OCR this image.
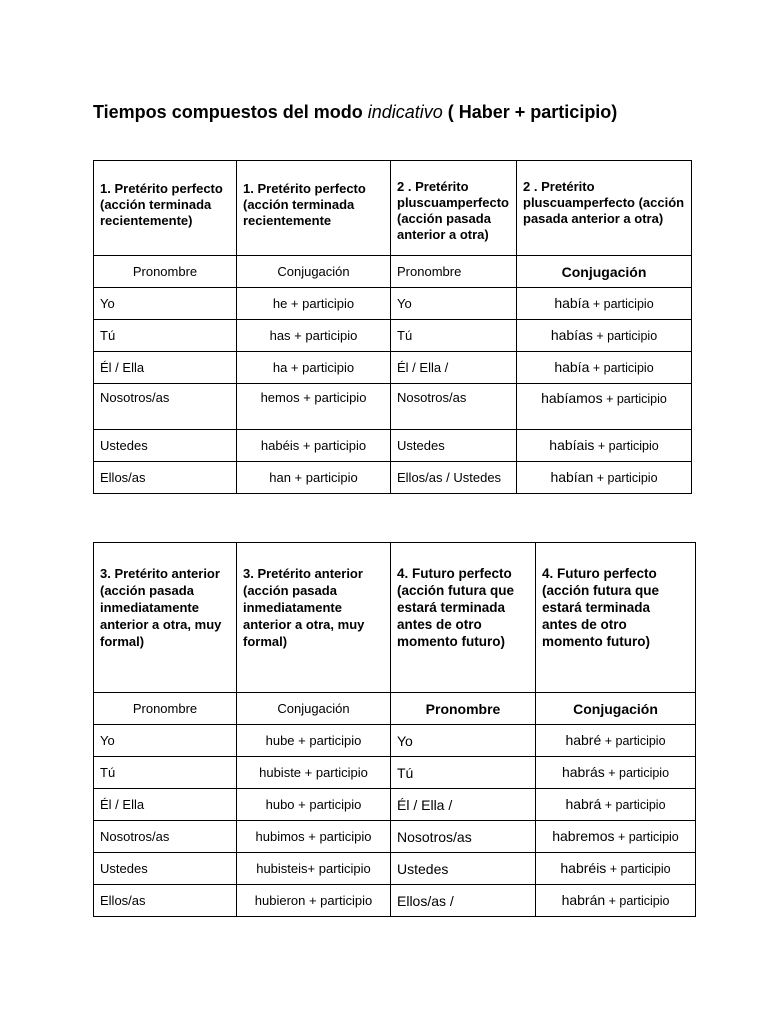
Tiempos compuestos del modo indicativo ( Haber + participio)
1. Pretérito perfecto (acción terminada recientemente)	1. Pretérito perfecto (acción terminada recientemente	2 . Pretérito pluscuamperfecto (acción pasada anterior a otra)	2 . Pretérito pluscuamperfecto (acción pasada anterior a otra)
Pronombre	Conjugación	Pronombre	Conjugación
Yo	he + participio	Yo	había + participio
Tú	has + participio	Tú	habías + participio
Él / Ella	ha + participio	Él / Ella /	había + participio
Nosotros/as	hemos + participio	Nosotros/as	habíamos + participio
Ustedes	habéis + participio	Ustedes	habíais + participio
Ellos/as	han + participio	Ellos/as / Ustedes	habían + participio
3. Pretérito anterior (acción pasada inmediatamente anterior a otra, muy formal)	3. Pretérito anterior (acción pasada inmediatamente anterior a otra, muy formal)	4. Futuro perfecto (acción futura que estará terminada antes de otro momento futuro)	4. Futuro perfecto (acción futura que estará terminada antes de otro momento futuro)
Pronombre	Conjugación	Pronombre	Conjugación
Yo	hube + participio	Yo	habré + participio
Tú	hubiste + participio	Tú	habrás + participio
Él / Ella	hubo + participio	Él / Ella /	habrá + participio
Nosotros/as	hubimos + participio	Nosotros/as	habremos + participio
Ustedes	hubisteis+ participio	Ustedes	habréis + participio
Ellos/as	hubieron + participio	Ellos/as /	habrán + participio
